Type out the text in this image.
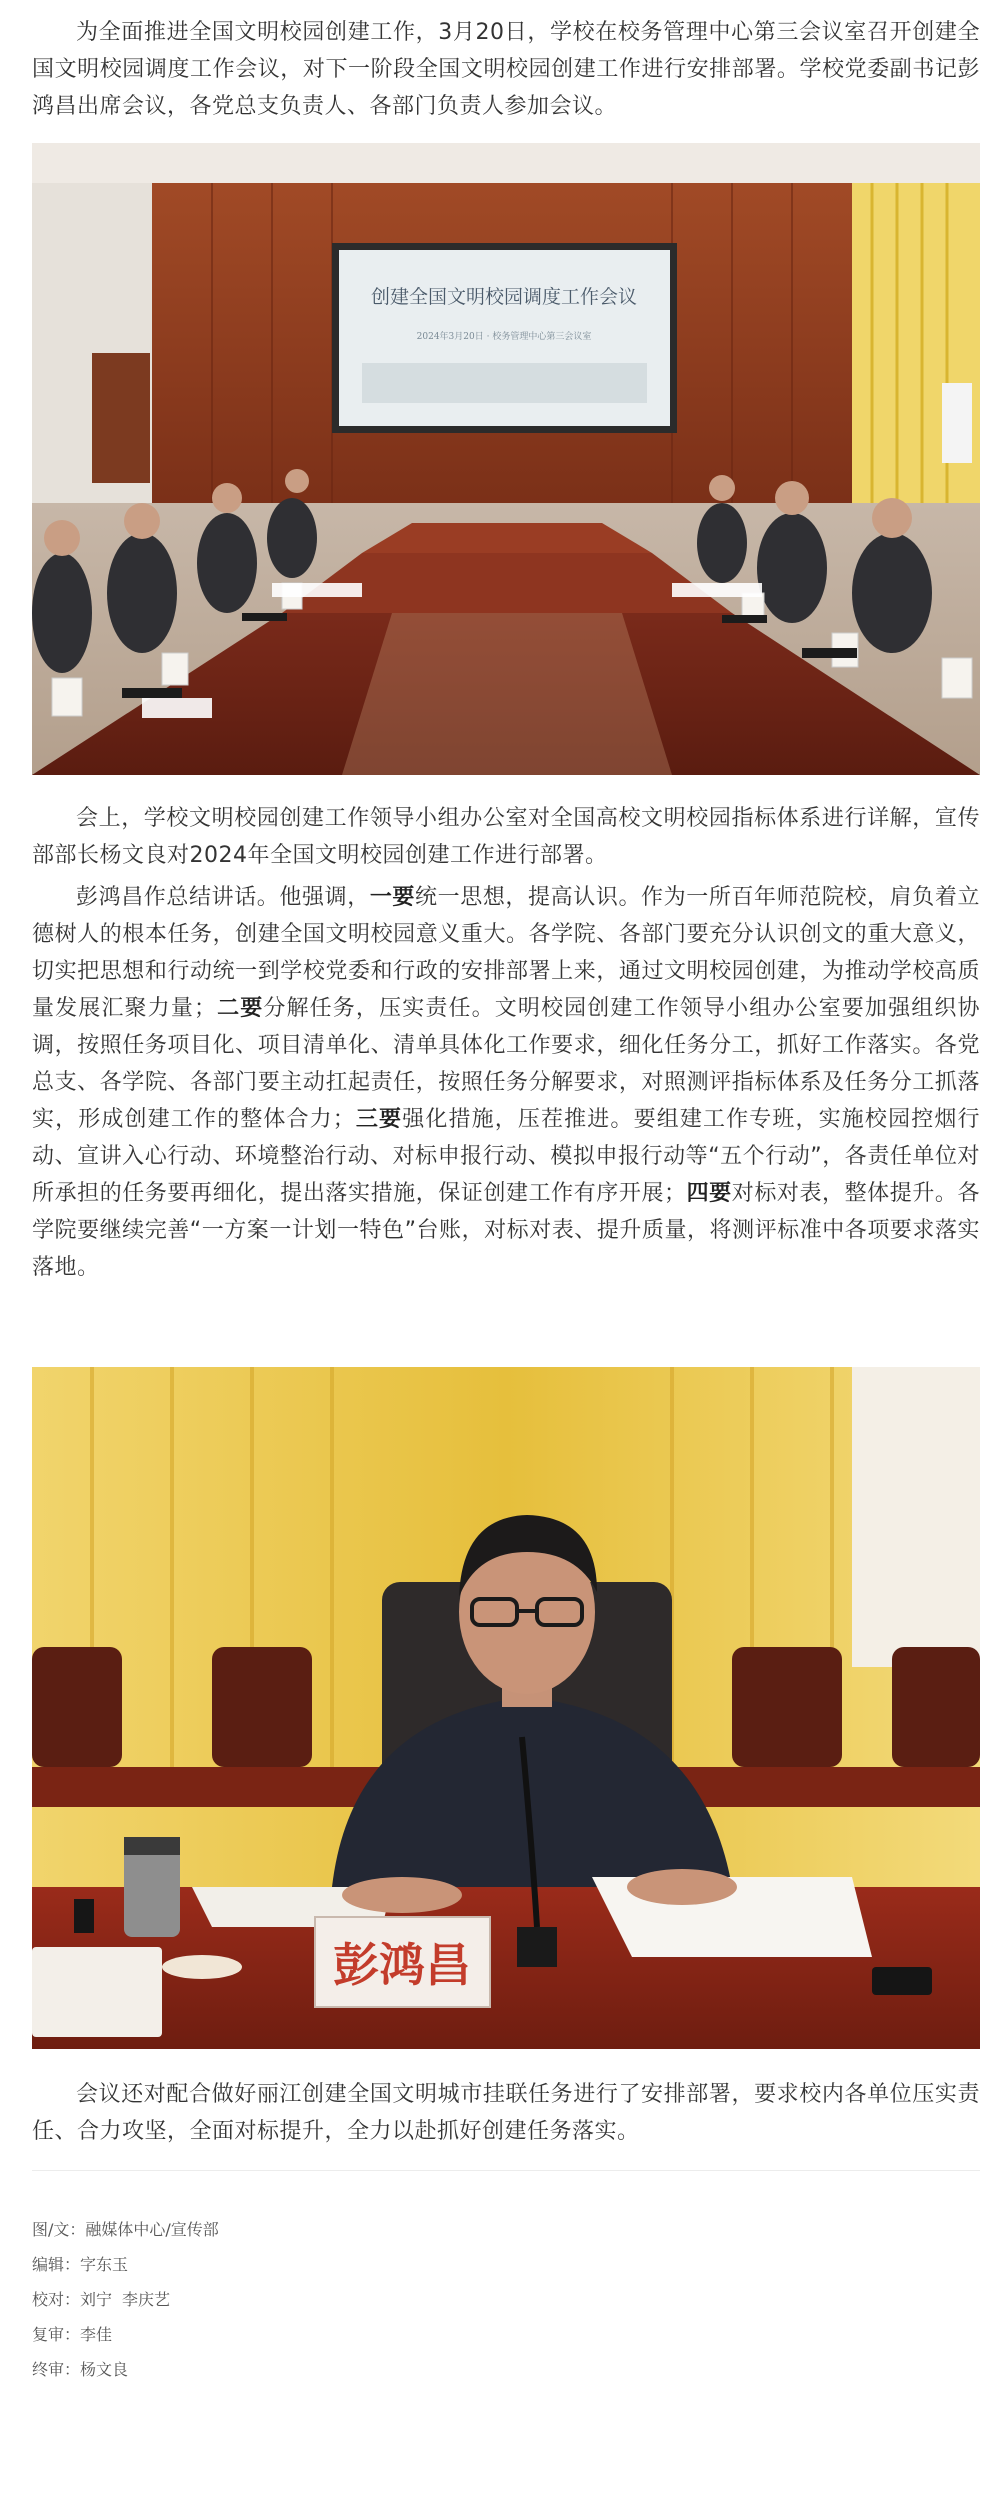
为全面推进全国文明校园创建工作，3月20日，学校在校务管理中心第三会议室召开创建全国文明校园调度工作会议，对下一阶段全国文明校园创建工作进行安排部署。学校党委副书记彭鸿昌出席会议，各党总支负责人、各部门负责人参加会议。

创建全国文明校园调度工作会议
2024年3月20日 · 校务管理中心第三会议室

会上，学校文明校园创建工作领导小组办公室对全国高校文明校园指标体系进行详解，宣传部部长杨文良对2024年全国文明校园创建工作进行部署。

彭鸿昌作总结讲话。他强调，一要统一思想，提高认识。作为一所百年师范院校，肩负着立德树人的根本任务，创建全国文明校园意义重大。各学院、各部门要充分认识创文的重大意义，切实把思想和行动统一到学校党委和行政的安排部署上来，通过文明校园创建，为推动学校高质量发展汇聚力量；二要分解任务，压实责任。文明校园创建工作领导小组办公室要加强组织协调，按照任务项目化、项目清单化、清单具体化工作要求，细化任务分工，抓好工作落实。各党总支、各学院、各部门要主动扛起责任，按照任务分解要求，对照测评指标体系及任务分工抓落实，形成创建工作的整体合力；三要强化措施，压茬推进。要组建工作专班，实施校园控烟行动、宣讲入心行动、环境整治行动、对标申报行动、模拟申报行动等“五个行动”，各责任单位对所承担的任务要再细化，提出落实措施，保证创建工作有序开展；四要对标对表，整体提升。各学院要继续完善“一方案一计划一特色”台账，对标对表、提升质量，将测评标准中各项要求落实落地。

彭鸿昌

会议还对配合做好丽江创建全国文明城市挂联任务进行了安排部署，要求校内各单位压实责任、合力攻坚，全面对标提升，全力以赴抓好创建任务落实。

图/文：融媒体中心/宣传部
编辑：字东玉
校对：刘宁 李庆艺
复审：李佳
终审：杨文良
